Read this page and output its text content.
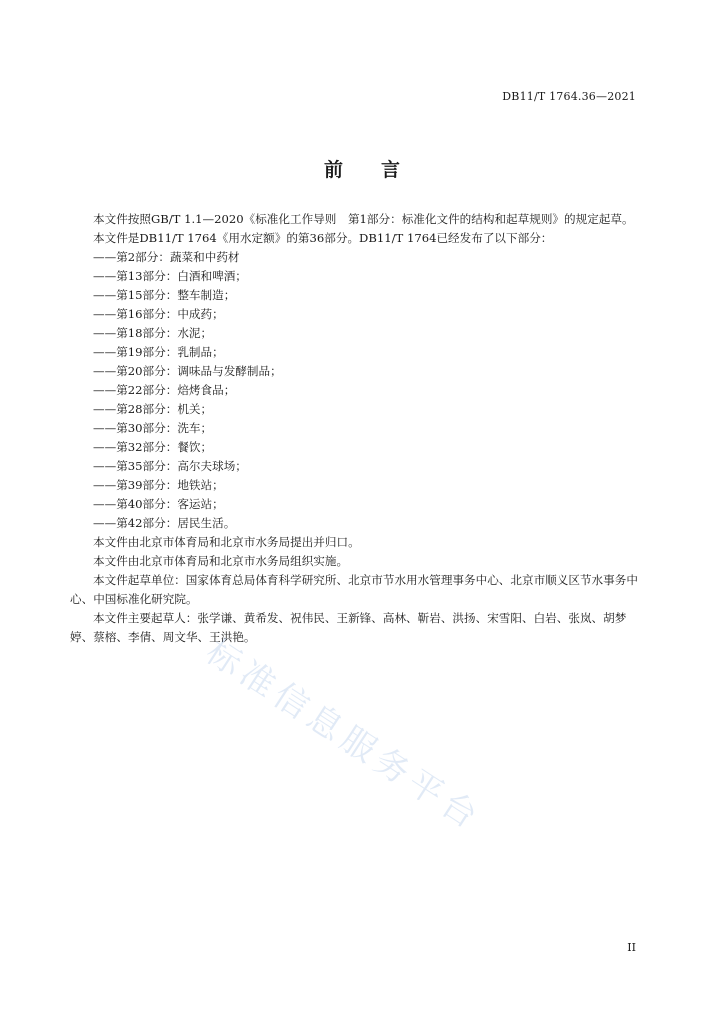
DB11/T 1764.36—2021
前言

本文件按照GB/T 1.1—2020《标准化工作导则　第1部分：标准化文件的结构和起草规则》的规定起草。

本文件是DB11/T 1764《用水定额》的第36部分。DB11/T 1764已经发布了以下部分：

——第2部分：蔬菜和中药材
——第13部分：白酒和啤酒；
——第15部分：整车制造；
——第16部分：中成药；
——第18部分：水泥；
——第19部分：乳制品；
——第20部分：调味品与发酵制品；
——第22部分：焙烤食品；
——第28部分：机关；
——第30部分：洗车；
——第32部分：餐饮；
——第35部分：高尔夫球场；
——第39部分：地铁站；
——第40部分：客运站；
——第42部分：居民生活。

本文件由北京市体育局和北京市水务局提出并归口。

本文件由北京市体育局和北京市水务局组织实施。

本文件起草单位：国家体育总局体育科学研究所、北京市节水用水管理事务中心、北京市顺义区节水事务中心、中国标准化研究院。

本文件主要起草人：张学谦、黄希发、祝伟民、王新锋、高林、靳岩、洪扬、宋雪阳、白岩、张岚、胡梦婷、蔡榕、李倩、周文华、王洪艳。

标准信息服务平台
II
